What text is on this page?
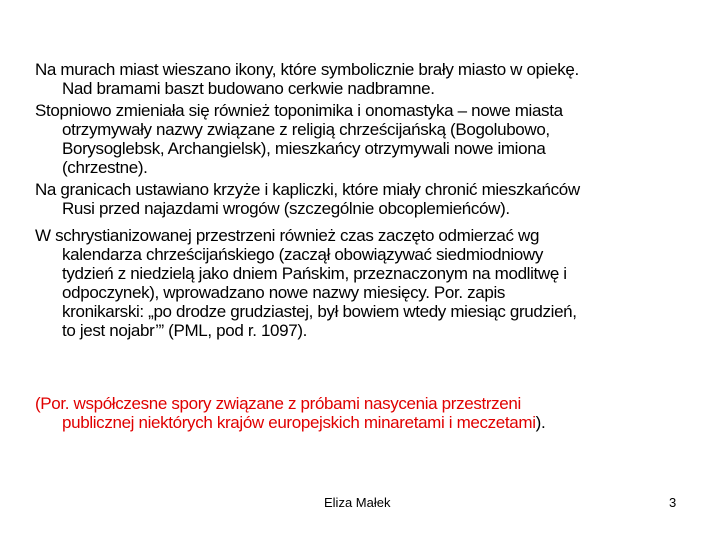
Na murach miast wieszano ikony, które symbolicznie brały miasto w opiekę.
Nad bramami baszt budowano cerkwie nadbramne.
Stopniowo zmieniała się również toponimika i onomastyka – nowe miasta
otrzymywały nazwy związane z religią chrześcijańską (Bogolubowo,
Borysoglebsk, Archangielsk), mieszkańcy otrzymywali nowe imiona
(chrzestne).
Na granicach ustawiano krzyże i kapliczki, które miały chronić mieszkańców
Rusi przed najazdami wrogów (szczególnie obcoplemieńców).
W schrystianizowanej przestrzeni również czas zaczęto odmierzać wg
kalendarza chrześcijańskiego (zaczął obowiązywać siedmiodniowy
tydzień z niedzielą jako dniem Pańskim, przeznaczonym na modlitwę i
odpoczynek), wprowadzano nowe nazwy miesięcy. Por. zapis
kronikarski: „po drodze grudziastej, był bowiem wtedy miesiąc grudzień,
to jest nojabr’” (PML, pod r. 1097).
(Por. współczesne spory związane z próbami nasycenia przestrzeni
publicznej niektórych krajów europejskich minaretami i meczetami).
Eliza Małek	3
